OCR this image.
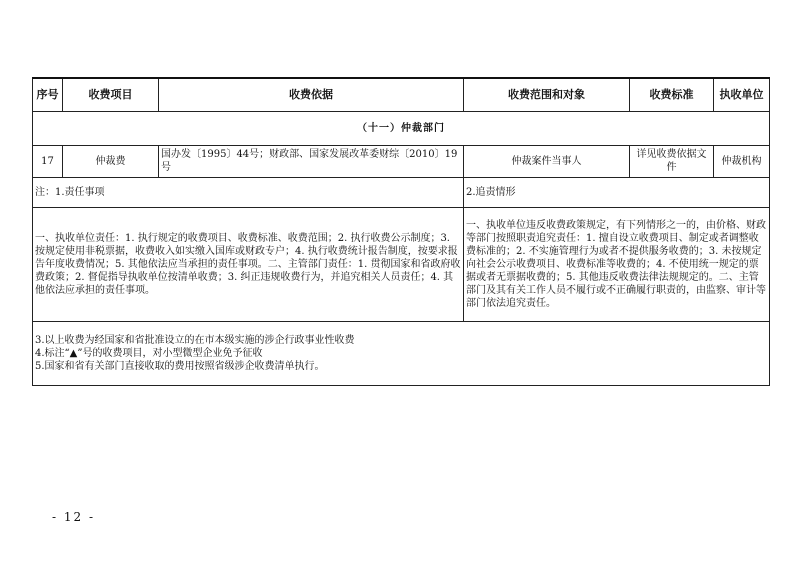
序号	收费项目	收费依据	收费范围和对象	收费标准	执收单位
（十一）仲裁部门					
17	仲裁费	国办发〔1995〕44号；财政部、国家发展改革委财综〔2010〕19号	仲裁案件当事人	详见收费依据文件	仲裁机构
注：1.责任事项			2.追责情形		
一、执收单位责任：1. 执行规定的收费项目、收费标准、收费范围；2. 执行收费公示制度；3. 按规定使用非税票据，收费收入如实缴入国库或财政专户；4. 执行收费统计报告制度，按要求报告年度收费情况；5. 其他依法应当承担的责任事项。二、主管部门责任：1. 贯彻国家和省政府收费政策；2. 督促指导执收单位按清单收费；3. 纠正违规收费行为，并追究相关人员责任；4. 其他依法应承担的责任事项。			一、执收单位违反收费政策规定，有下列情形之一的，由价格、财政等部门按照职责追究责任：1. 擅自设立收费项目、制定或者调整收费标准的；2. 不实施管理行为或者不提供服务收费的；3. 未按规定向社会公示收费项目、收费标准等收费的；4. 不使用统一规定的票据或者无票据收费的；5. 其他违反收费法律法规规定的。二、主管部门及其有关工作人员不履行或不正确履行职责的，由监察、审计等部门依法追究责任。		

3.以上收费为经国家和省批准设立的在市本级实施的涉企行政事业性收费
4.标注“▲”号的收费项目，对小型微型企业免予征收
5.国家和省有关部门直接收取的费用按照省级涉企收费清单执行。					
- 12 -
